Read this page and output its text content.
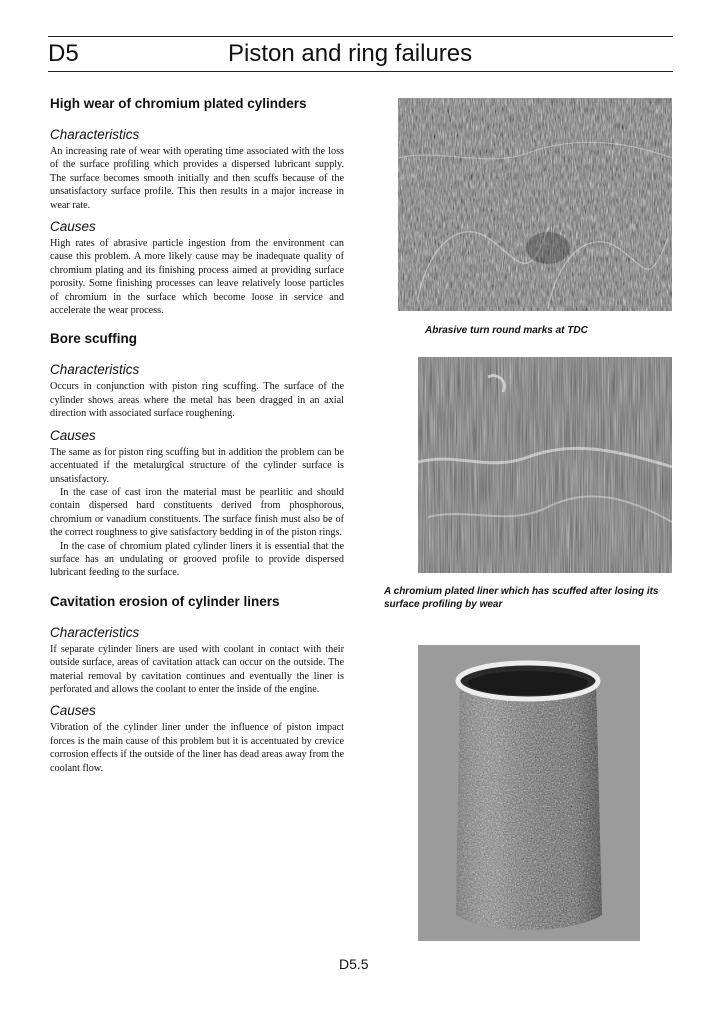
D5	Piston and ring failures
High wear of chromium plated cylinders
Characteristics

An increasing rate of wear with operating time associated with the loss of the surface profiling which provides a dispersed lubricant supply. The surface becomes smooth initially and then scuffs because of the unsatisfactory surface profile. This then results in a major increase in wear rate.

Causes

High rates of abrasive particle ingestion from the environment can cause this problem. A more likely cause may be inadequate quality of chromium plating and its finishing process aimed at providing surface porosity. Some finishing processes can leave relatively loose particles of chromium in the surface which become loose in service and accelerate the wear process.

Bore scuffing
Characteristics

Occurs in conjunction with piston ring scuffing. The surface of the cylinder shows areas where the metal has been dragged in an axial direction with associated surface roughening.

Causes

The same as for piston ring scuffing but in addition the problem can be accentuated if the metalurgical structure of the cylinder surface is unsatisfactory.

In the case of cast iron the material must be pearlitic and should contain dispersed hard constituents derived from phosphorous, chromium or vanadium constituents. The surface finish must also be of the correct roughness to give satisfactory bedding in of the piston rings.

In the case of chromium plated cylinder liners it is essential that the surface has an undulating or grooved profile to provide dispersed lubricant feeding to the surface.

Cavitation erosion of cylinder liners
Characteristics

If separate cylinder liners are used with coolant in contact with their outside surface, areas of cavitation attack can occur on the outside. The material removal by cavitation continues and eventually the liner is perforated and allows the coolant to enter the inside of the engine.

Causes

Vibration of the cylinder liner under the influence of piston impact forces is the main cause of this problem but it is accentuated by crevice corrosion effects if the outside of the liner has dead areas away from the coolant flow.

Abrasive turn round marks at TDC
A chromium plated liner which has scuffed after losing its surface profiling by wear
D5.5
